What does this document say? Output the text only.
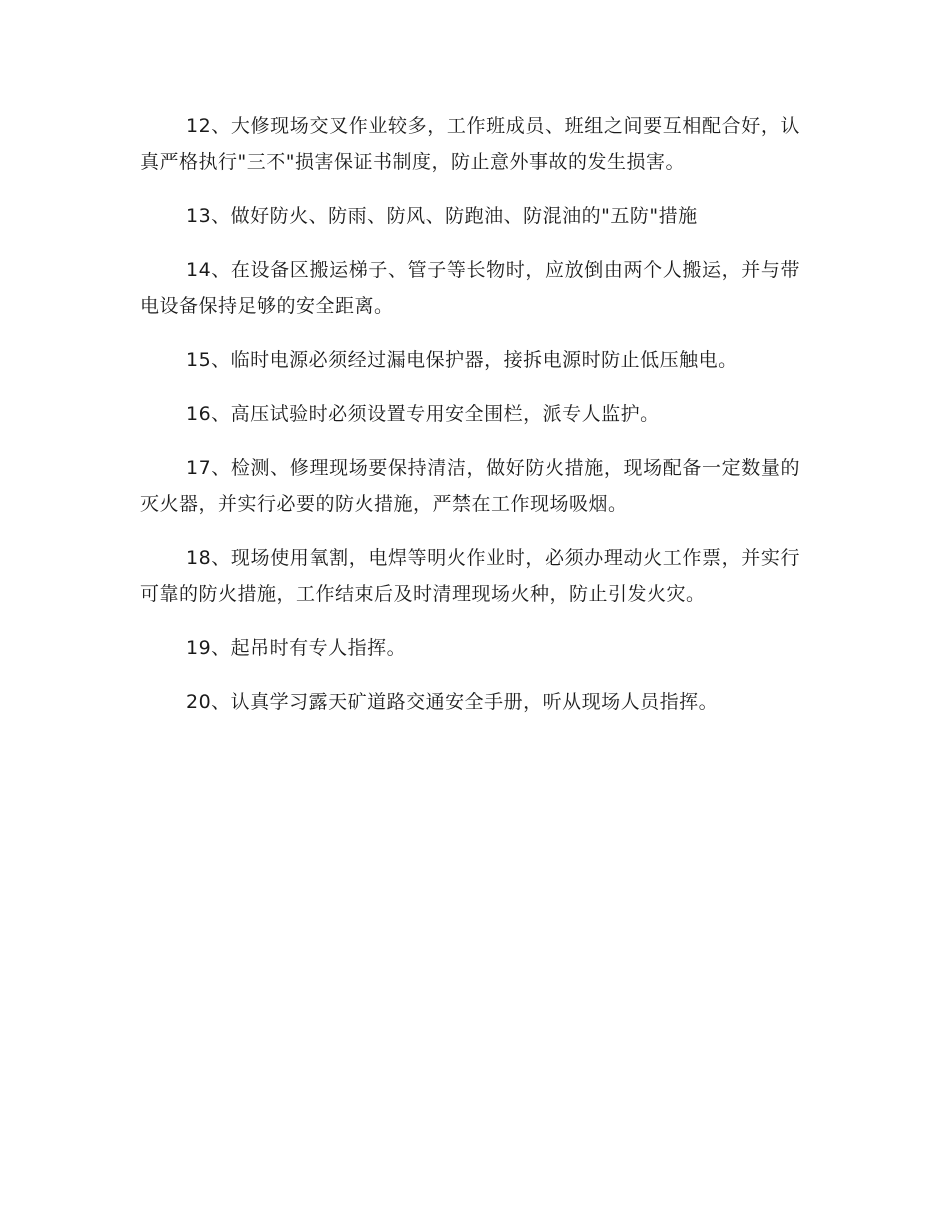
12、大修现场交叉作业较多，工作班成员、班组之间要互相配合好，认真严格执行"三不"损害保证书制度，防止意外事故的发生损害。

13、做好防火、防雨、防风、防跑油、防混油的"五防"措施

14、在设备区搬运梯子、管子等长物时，应放倒由两个人搬运，并与带电设备保持足够的安全距离。

15、临时电源必须经过漏电保护器，接拆电源时防止低压触电。

16、高压试验时必须设置专用安全围栏，派专人监护。

17、检测、修理现场要保持清洁，做好防火措施，现场配备一定数量的灭火器，并实行必要的防火措施，严禁在工作现场吸烟。

18、现场使用氧割，电焊等明火作业时，必须办理动火工作票，并实行可靠的防火措施，工作结束后及时清理现场火种，防止引发火灾。

19、起吊时有专人指挥。

20、认真学习露天矿道路交通安全手册，听从现场人员指挥。
